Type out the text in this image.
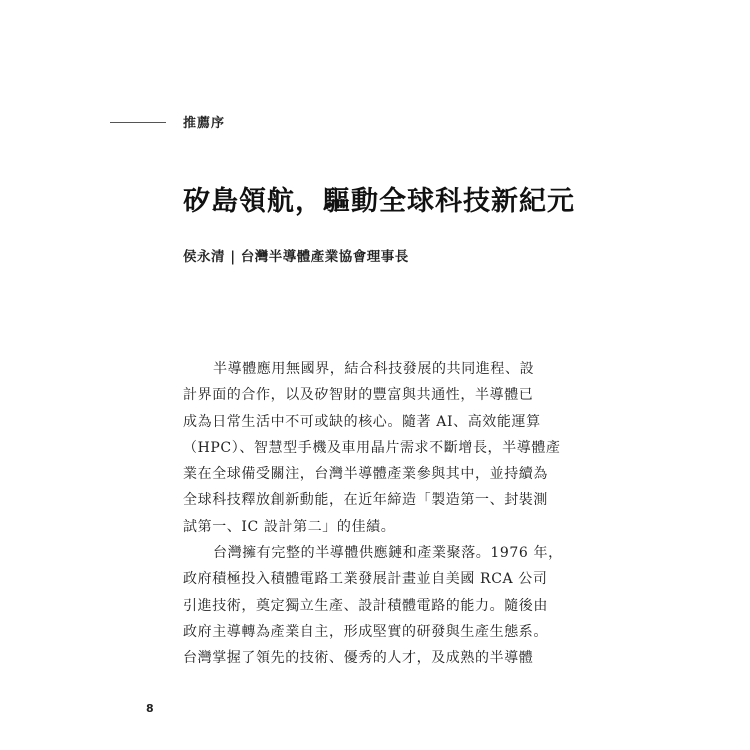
推薦序
矽島領航，驅動全球科技新紀元
侯永清 | 台灣半導體產業協會理事長

半導體應用無國界，結合科技發展的共同進程、設
計界面的合作，以及矽智財的豐富與共通性，半導體已
成為日常生活中不可或缺的核心。隨著 AI、高效能運算
（HPC）、智慧型手機及車用晶片需求不斷增長，半導體產
業在全球備受關注，台灣半導體產業參與其中，並持續為
全球科技釋放創新動能，在近年締造「製造第一、封裝測
試第一、IC 設計第二」的佳績。

台灣擁有完整的半導體供應鏈和產業聚落。1976 年，
政府積極投入積體電路工業發展計畫並自美國 RCA 公司
引進技術，奠定獨立生產、設計積體電路的能力。隨後由
政府主導轉為產業自主，形成堅實的研發與生產生態系。
台灣掌握了領先的技術、優秀的人才，及成熟的半導體

8
